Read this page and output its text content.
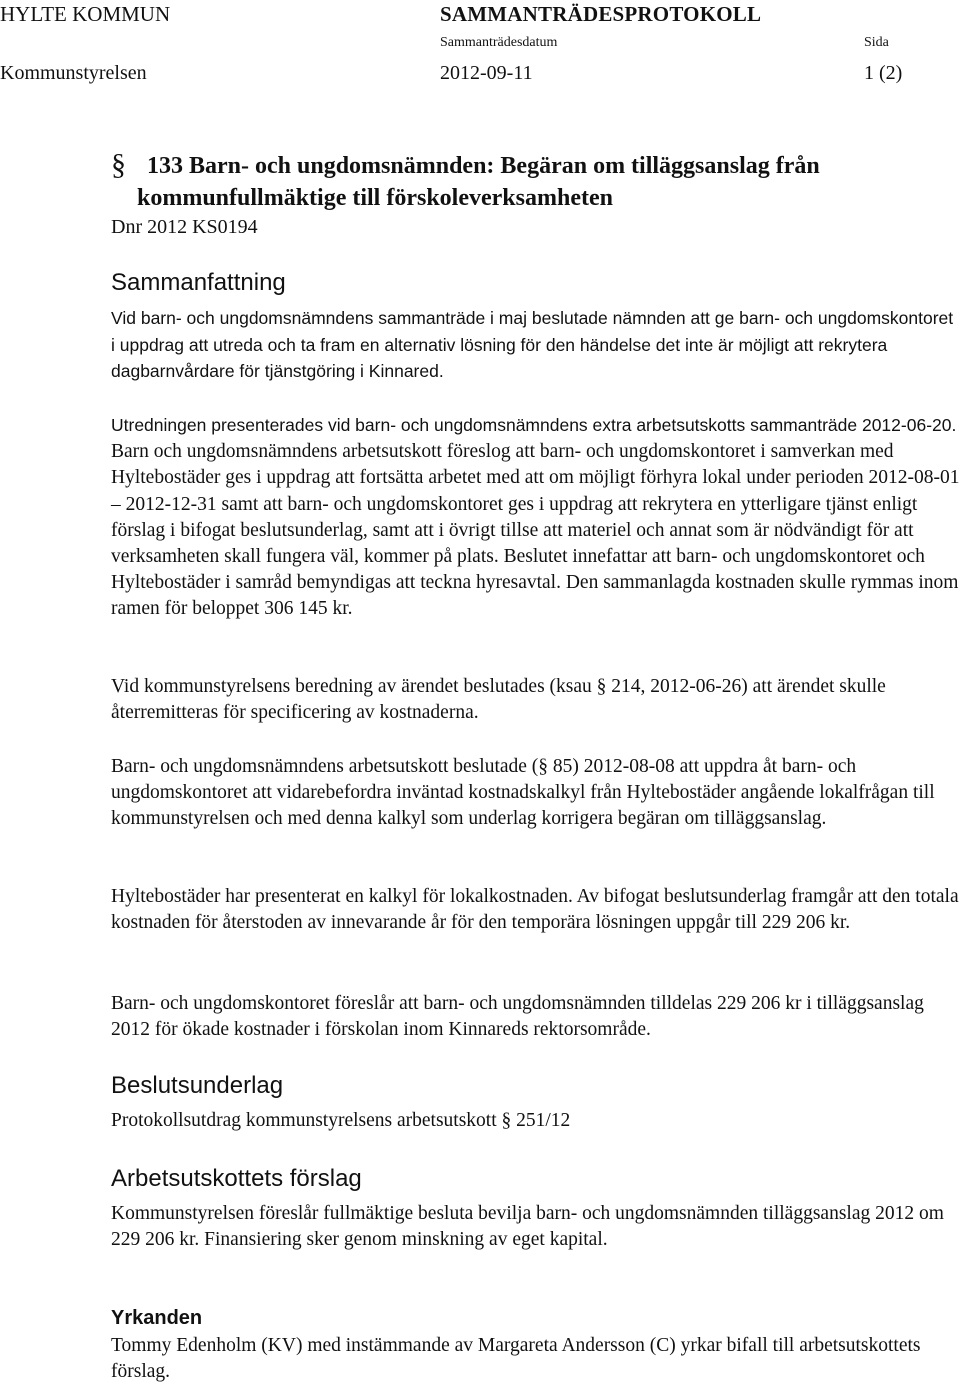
HYLTE KOMMUN	SAMMANTRÄDESPROTOKOLL
Sammanträdesdatum	Sida
Kommunstyrelsen	2012-09-11	1 (2)
§ 133 Barn- och ungdomsnämnden: Begäran om tilläggsanslag från
kommunfullmäktige till förskoleverksamheten
Dnr 2012 KS0194
Sammanfattning

Vid barn- och ungdomsnämndens sammanträde i maj beslutade nämnden att ge barn- och ungdomskontoret i uppdrag att utreda och ta fram en alternativ lösning för den händelse det inte är möjligt att rekrytera dagbarnvårdare för tjänstgöring i Kinnared.

Utredningen presenterades vid barn- och ungdomsnämndens extra arbetsutskotts sammanträde 2012-06-20. Barn och ungdomsnämndens arbetsutskott föreslog att barn- och ungdomskontoret i samverkan med Hyltebostäder ges i uppdrag att fortsätta arbetet med att om möjligt förhyra lokal under perioden 2012-08-01 – 2012-12-31 samt att barn- och ungdomskontoret ges i uppdrag att rekrytera en ytterligare tjänst enligt förslag i bifogat beslutsunderlag, samt att i övrigt tillse att materiel och annat som är nödvändigt för att verksamheten skall fungera väl, kommer på plats. Beslutet innefattar att barn- och ungdomskontoret och Hyltebostäder i samråd bemyndigas att teckna hyresavtal. Den sammanlagda kostnaden skulle rymmas inom ramen för beloppet 306 145 kr.

Vid kommunstyrelsens beredning av ärendet beslutades (ksau § 214, 2012-06-26) att ärendet skulle återremitteras för specificering av kostnaderna.

Barn- och ungdomsnämndens arbetsutskott beslutade (§ 85) 2012-08-08 att uppdra åt barn- och ungdomskontoret att vidarebefordra inväntad kostnadskalkyl från Hyltebostäder angående lokalfrågan till kommunstyrelsen och med denna kalkyl som underlag korrigera begäran om tilläggsanslag.

Hyltebostäder har presenterat en kalkyl för lokalkostnaden. Av bifogat beslutsunderlag framgår att den totala kostnaden för återstoden av innevarande år för den temporära lösningen uppgår till 229 206 kr.

Barn- och ungdomskontoret föreslår att barn- och ungdomsnämnden tilldelas 229 206 kr i tilläggsanslag 2012 för ökade kostnader i förskolan inom Kinnareds rektorsområde.

Beslutsunderlag

Protokollsutdrag kommunstyrelsens arbetsutskott § 251/12

Arbetsutskottets förslag

Kommunstyrelsen föreslår fullmäktige besluta bevilja barn- och ungdomsnämnden tilläggsanslag 2012 om 229 206 kr. Finansiering sker genom minskning av eget kapital.

Yrkanden

Tommy Edenholm (KV) med instämmande av Margareta Andersson (C) yrkar bifall till arbetsutskottets förslag.
